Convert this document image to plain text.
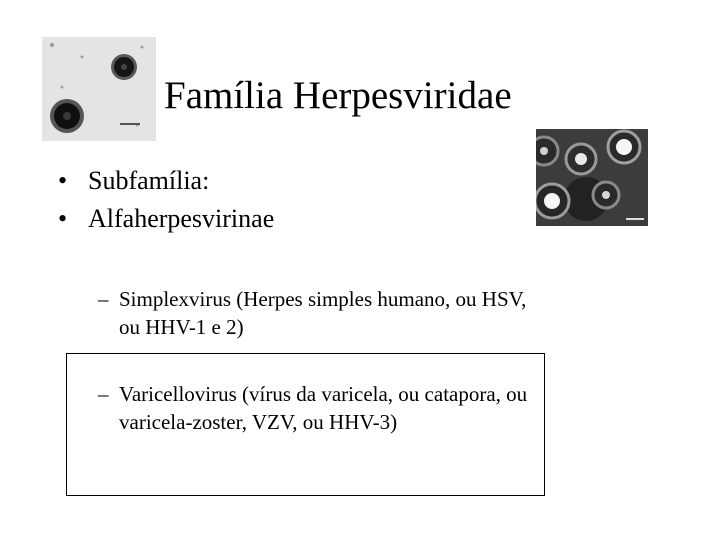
Família Herpesviridae
• Subfamília:
• Alfaherpesvirinae
– Simplexvirus (Herpes simples humano, ou HSV, ou HHV-1 e 2)
– Varicellovirus (vírus da varicela, ou catapora, ou varicela-zoster, VZV, ou HHV-3)
